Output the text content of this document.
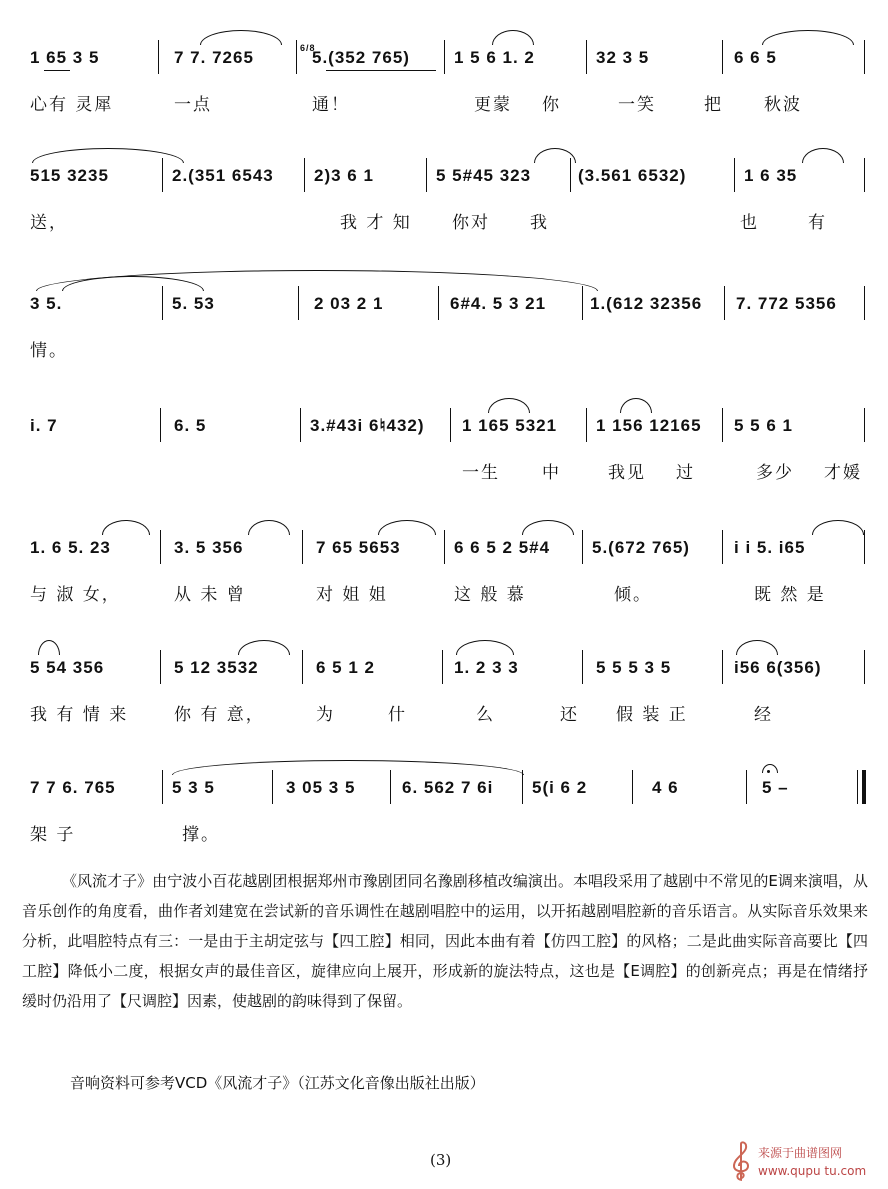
1 65 3 5	7 7. 7265	6/8
5.(352 765)	1 5 6 1. 2	32 3 5	6 6 5
心有 灵犀	一点	通！	更蒙 你	一笑	把 秋波
515 3235	2.(351 6543 2)3 6 1	5 5#45 323	(3.561 6532)	1 6 35
送，	我 才 知 你对 我	也	有
3 5.	5. 53	2 03 2 1	6#4. 5 3 21	1.(612 32356 7. 772 5356
情。
i. 7	6. 5	3.#43i 6♮432) 1 165 5321 1 156 12165 5 5 6 1
一生 中	我见 过	多少 才媛
1. 6 5. 23	3. 5 356	7 65 5653	6 6 5 2 5#4 5.(672 765)	i i 5. i65
与 淑 女，	从 未 曾	对 姐 姐	这 般 慕	倾。	既 然 是
5 54 356	5 12 3532	6 5 1 2	1. 2 3 3	5 5 5 3 5	i56 6(356)
我 有 情 来	你 有 意，	为	什	么	还 假 装 正	经
7 7 6. 765	5 3 5	3 05 3 5	6. 562 7 6i 5(i 6 2	4 6	5 –
架 子	撑。
《风流才子》由宁波小百花越剧团根据郑州市豫剧团同名豫剧移植改编演出。本唱段采用了越剧中不常见的E调来演唱，从音乐创作的角度看，曲作者刘建宽在尝试新的音乐调性在越剧唱腔中的运用，以开拓越剧唱腔新的音乐语言。从实际音乐效果来分析，此唱腔特点有三：一是由于主胡定弦与【四工腔】相同，因此本曲有着【仿四工腔】的风格；二是此曲实际音高要比【四工腔】降低小二度，根据女声的最佳音区，旋律应向上展开，形成新的旋法特点，这也是【E调腔】的创新亮点；再是在情绪抒缓时仍沿用了【尺调腔】因素，使越剧的韵味得到了保留。
音响资料可参考VCD《风流才子》（江苏文化音像出版社出版）
(3)	来源于曲谱图网
www.qupu tu.com
